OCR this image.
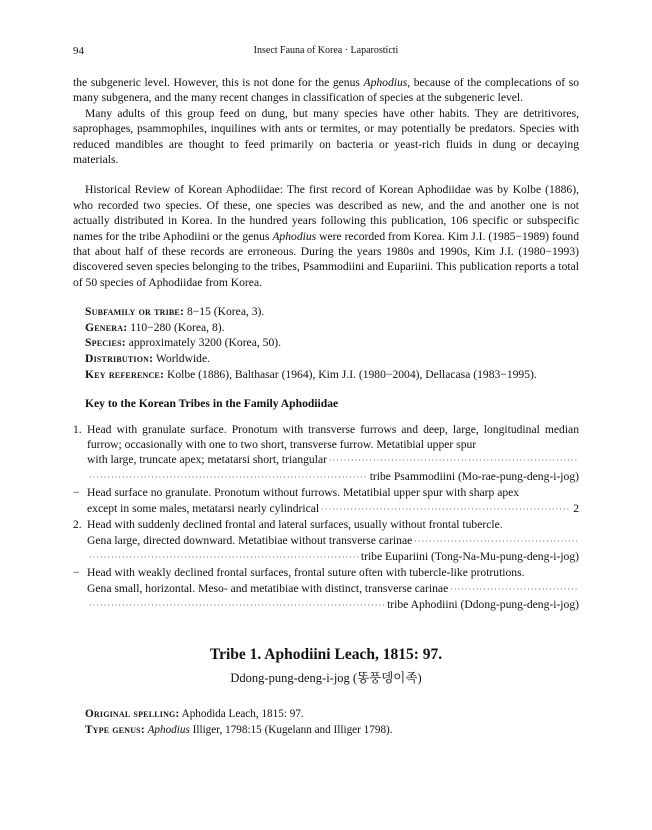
94	Insect Fauna of Korea · Laparosticti

the subgeneric level. However, this is not done for the genus Aphodius, because of the complecations of so many subgenera, and the many recent changes in classification of species at the subgeneric level.

Many adults of this group feed on dung, but many species have other habits. They are detritivores, saprophages, psammophiles, inquilines with ants or termites, or may potentially be predators. Species with reduced mandibles are thought to feed primarily on bacteria or yeast-rich fluids in dung or decaying materials.

Historical Review of Korean Aphodiidae: The first record of Korean Aphodiidae was by Kolbe (1886), who recorded two species. Of these, one species was described as new, and the and another one is not actually distributed in Korea. In the hundred years following this publication, 106 specific or subspecific names for the tribe Aphodiini or the genus Aphodius were recorded from Korea. Kim J.I. (1985−1989) found that about half of these records are erroneous. During the years 1980s and 1990s, Kim J.I. (1980−1993) discovered seven species belonging to the tribes, Psammodiini and Eupariini. This publication reports a total of 50 species of Aphodiidae from Korea.

Subfamily or tribe: 8−15 (Korea, 3).
Genera: 110−280 (Korea, 8).
Species: approximately 3200 (Korea, 50).
Distribution: Worldwide.
Key reference: Kolbe (1886), Balthasar (1964), Kim J.I. (1980−2004), Dellacasa (1983−1995).
Key to the Korean Tribes in the Family Aphodiidae
1. Head with granulate surface. Pronotum with transverse furrows and deep, large, longitudinal median furrow; occasionally with one to two short, transverse furrow. Metatibial upper spur
with large, truncate apex; metatarsi short, triangular
·····
·····
tribe Psammodiini (Mo-rae-pung-deng-i-jog)
− Head surface no granulate. Pronotum without furrows. Metatibial upper spur with sharp apex
except in some males, metatarsi nearly cylindrical
·····	2
2. Head with suddenly declined frontal and lateral surfaces, usually without frontal tubercle.
Gena large, directed downward. Metatibiae without transverse carinae
·····
·····
tribe Eupariini (Tong-Na-Mu-pung-deng-i-jog)
− Head with weakly declined frontal surfaces, frontal suture often with tubercle-like protrutions.
Gena small, horizontal. Meso- and metatibiae with distinct, transverse carinae
·····
·····
tribe Aphodiini (Ddong-pung-deng-i-jog)
Tribe 1. Aphodiini Leach, 1815: 97.
Ddong-pung-deng-i-jog (똥풍뎅이족)
Original spelling: Aphodida Leach, 1815: 97.
Type genus: Aphodius Illiger, 1798:15 (Kugelann and Illiger 1798).
